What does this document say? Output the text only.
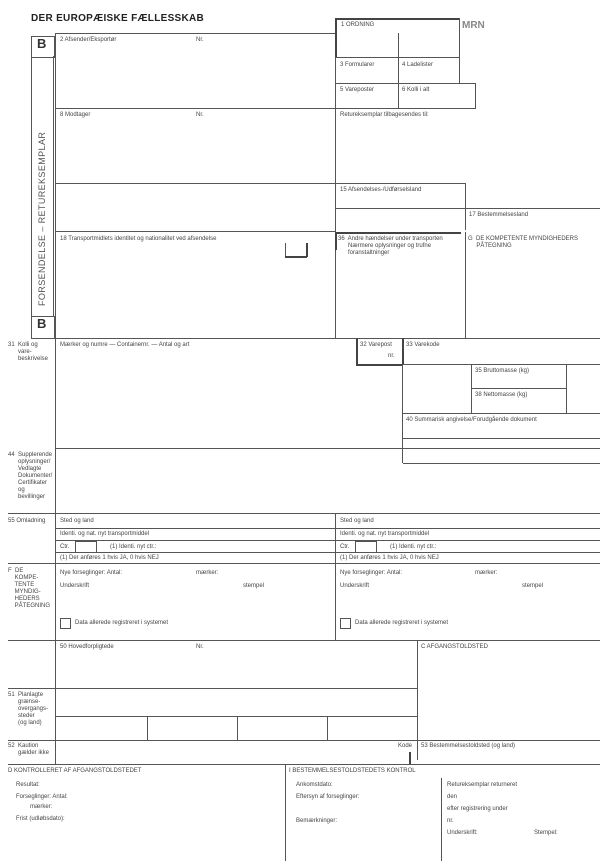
DER EUROPÆISKE FÆLLESSKAB
MRN
B
B
FORSENDELSE – RETUREKSEMPLAR
1 ORDNING
2 Afsender/Eksportør	Nr.
3 Formularer	4 Ladelister
5 Vareposter	6 Kolli i alt
8 Modtager	Nr.	Retureksemplar tilbagesendes til:
15 Afsendelses-/Udførselsland
17 Bestemmelsesland
18 Transportmidlets identitet og nationalitet ved afsendelse	36  Andre hændelser under transporten
Nærmere oplysninger og trufne
foranstaltninger
G  DE KOMPETENTE MYNDIGHEDERS
PÅTEGNING
31  Kolli og
vare-
beskrivelse
Mærker og numre — Containernr. — Antal og art	32 Varepost
nr.
33 Varekode
35 Bruttomasse (kg)
38 Nettomasse (kg)
40 Summarisk angivelse/Forudgående dokument
44  Supplerende
oplysninger/
Vedlagte
Dokumenter/
Certifikater
og
bevillinger
55 Omladning Sted og land	Sted og land
Identi. og nat. nyt transportmiddel	Identi. og nat. nyt transportmiddel
Ctr.	(1) Identi. nyt ctr.:	Ctr.	(1) Identi. nyt ctr.:
(1) Der anføres 1 hvis JA, 0 hvis NEJ	(1) Der anføres 1 hvis JA, 0 hvis NEJ
F  DE
KOMPE-
TENTE
MYNDIG-
HEDERS
PÅTEGNING
Nye forseglinger: Antal:	mærker:
Underskrift	stempel
Data allerede registreret i systemet
Nye forseglinger: Antal:	mærker:
Underskrift	stempel
Data allerede registreret i systemet
50 Hovedforpligtede	Nr.	C AFGANGSTOLDSTED
51  Planlagte
grænse-
overgangs-
steder
(og land)
52  Kaution
gælder ikke
Kode 53 Bestemmelsestoldsted (og land)
D KONTROLLERET AF AFGANGSTOLDSTEDET
Resultat:
Forseglinger: Antal:
mærker:
Frist (udløbsdato):
I BESTEMMELSESTOLDSTEDETS KONTROL
Ankomstdato:
Eftersyn af forseglinger:
Bemærkninger:
Retureksemplar returneret
den
efter registrering under
nr.
Underskrift:	Stempel:
